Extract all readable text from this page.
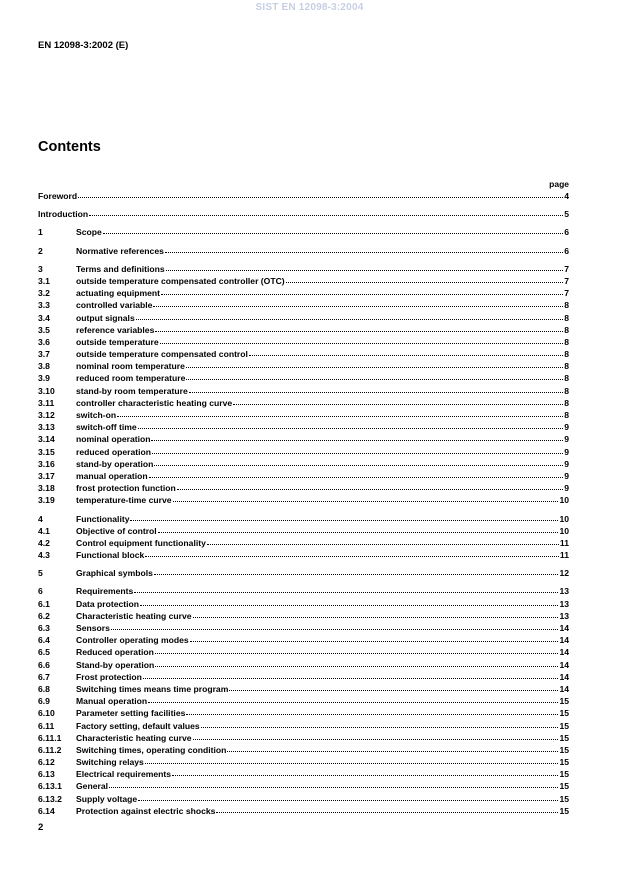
SIST EN 12098-3:2004
EN 12098-3:2002 (E)
Contents
page
Foreword	4
Introduction	5
1	Scope	6
2	Normative references	6
3	Terms and definitions	7
3.1	outside temperature compensated controller (OTC)	7
3.2	actuating equipment	7
3.3	controlled variable	8
3.4	output signals	8
3.5	reference variables	8
3.6	outside temperature	8
3.7	outside temperature compensated control	8
3.8	nominal room temperature	8
3.9	reduced room temperature	8
3.10	stand-by room temperature	8
3.11	controller characteristic heating curve	8
3.12	switch-on	8
3.13	switch-off time	9
3.14	nominal operation	9
3.15	reduced operation	9
3.16	stand-by operation	9
3.17	manual operation	9
3.18	frost protection function	9
3.19	temperature-time curve	10
4	Functionality	10
4.1	Objective of control	10
4.2	Control equipment functionality	11
4.3	Functional block	11
5	Graphical symbols	12
6	Requirements	13
6.1	Data protection	13
6.2	Characteristic heating curve	13
6.3	Sensors	14
6.4	Controller operating modes	14
6.5	Reduced operation	14
6.6	Stand-by operation	14
6.7	Frost protection	14
6.8	Switching times means time program	14
6.9	Manual operation	15
6.10	Parameter setting facilities	15
6.11	Factory setting, default values	15
6.11.1	Characteristic heating curve	15
6.11.2	Switching times, operating condition	15
6.12	Switching relays	15
6.13	Electrical requirements	15
6.13.1	General	15
6.13.2	Supply voltage	15
6.14	Protection against electric shocks	15
2
